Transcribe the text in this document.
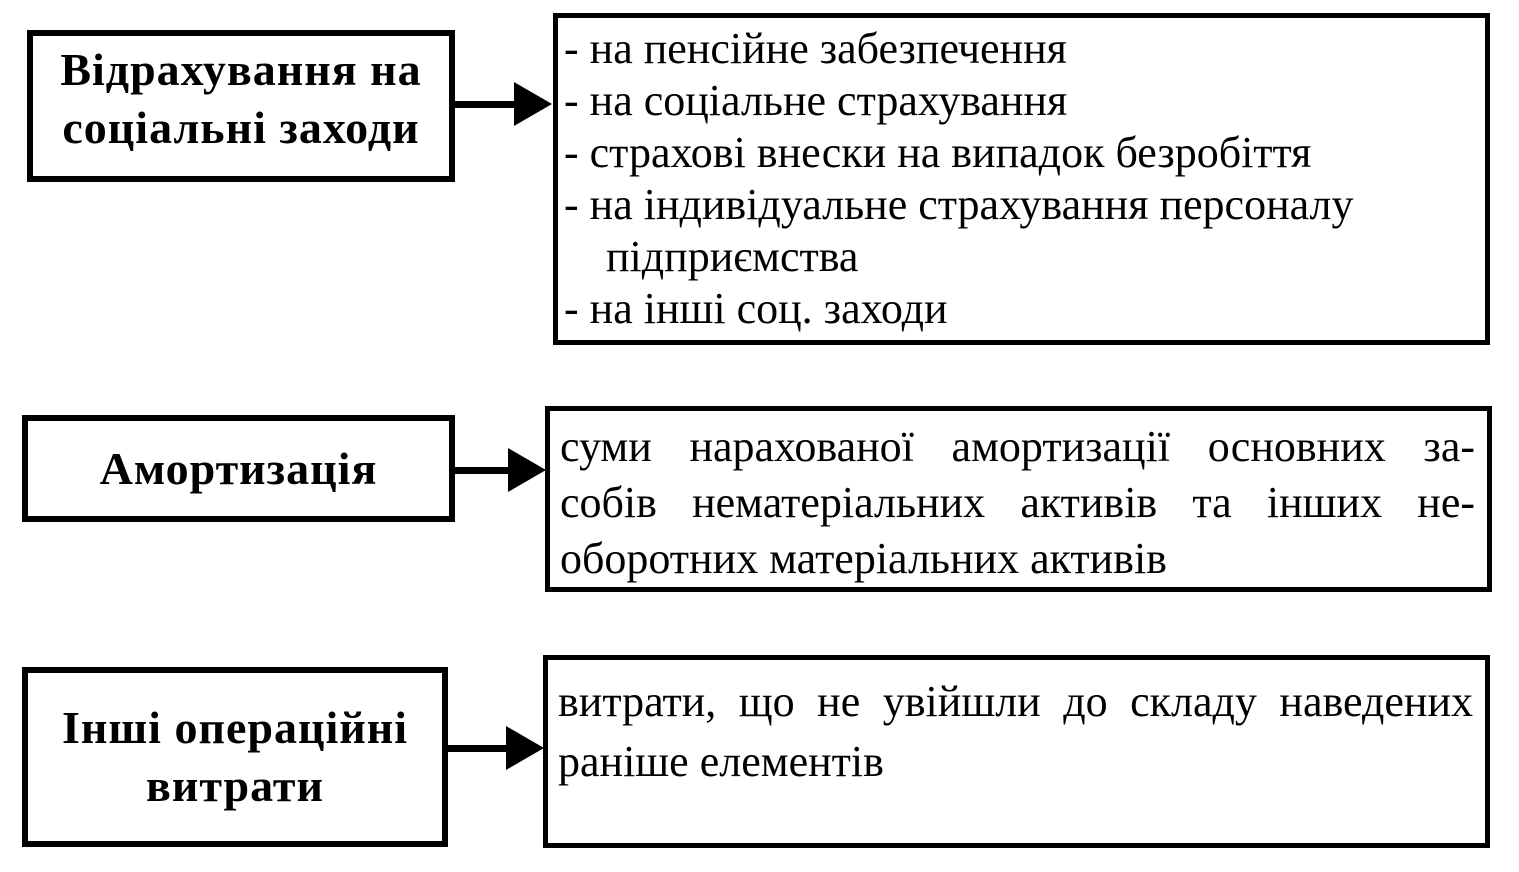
Відрахування на
соціальні заходи
- на пенсійне забезпечення
- на соціальне страхування
- страхові внески на випадок безробіття
- на індивідуальне страхування персоналу
підприємства
- на інші соц. заходи
Амортизація	суми нарахованої амортизації основних за-
собів нематеріальних активів та інших не-
оборотних матеріальних активів
Інші операційні
витрати
витрати, що не увійшли до складу наведених
раніше елементів
